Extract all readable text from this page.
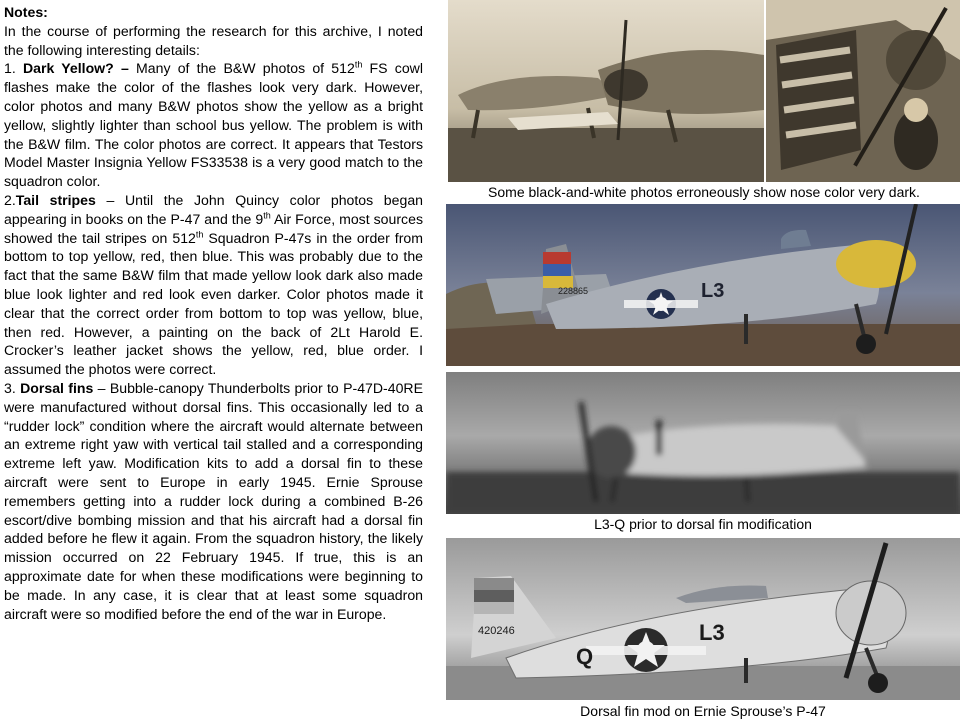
Notes:

In the course of performing the research for this archive, I noted the following interesting details:

1. Dark Yellow? – Many of the B&W photos of 512th FS cowl flashes make the color of the flashes look very dark. However, color photos and many B&W photos show the yellow as a bright yellow, slightly lighter than school bus yellow. The problem is with the B&W film. The color photos are correct. It appears that Testors Model Master Insignia Yellow FS33538 is a very good match to the squadron color.

2.Tail stripes – Until the John Quincy color photos began appearing in books on the P-47 and the 9th Air Force, most sources showed the tail stripes on 512th Squadron P-47s in the order from bottom to top yellow, red, then blue. This was probably due to the fact that the same B&W film that made yellow look dark also made blue look lighter and red look even darker. Color photos made it clear that the correct order from bottom to top was yellow, blue, then red. However, a painting on the back of 2Lt Harold E. Crocker’s leather jacket shows the yellow, red, blue order. I assumed the photos were correct.

3. Dorsal fins – Bubble-canopy Thunderbolts prior to P-47D-40RE were manufactured without dorsal fins. This occasionally led to a “rudder lock” condition where the aircraft would alternate between an extreme right yaw with vertical tail stalled and a corresponding extreme left yaw. Modification kits to add a dorsal fin to these aircraft were sent to Europe in early 1945. Ernie Sprouse remembers getting into a rudder lock during a combined B-26 escort/dive bombing mission and that his aircraft had a dorsal fin added before he flew it again. From the squadron history, the likely mission occurred on 22 February 1945. If true, this is an approximate date for when these modifications were beginning to be made. In any case, it is clear that at least some squadron aircraft were so modified before the end of the war in Europe.

Some black-and-white photos erroneously show nose color very dark.
L3
228865
L3-Q prior to dorsal fin modification
Q
L3
420246
Dorsal fin mod on Ernie Sprouse’s P-47
